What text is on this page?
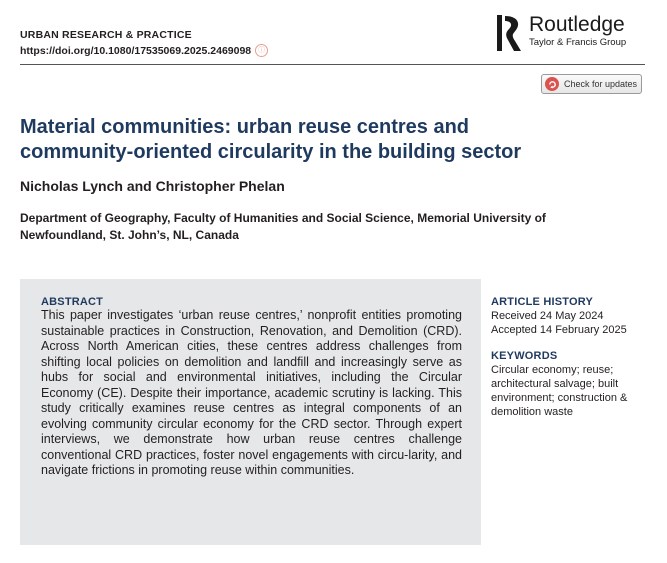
URBAN RESEARCH & PRACTICE
https://doi.org/10.1080/17535069.2025.2469098	ⓘ
Routledge
Taylor & Francis Group
Check for updates
Material communities: urban reuse centres and community-oriented circularity in the building sector
Nicholas Lynch and Christopher Phelan
Department of Geography, Faculty of Humanities and Social Science, Memorial University of Newfoundland, St. John’s, NL, Canada
ABSTRACT
This paper investigates ‘urban reuse centres,’ nonprofit entities promoting sustainable practices in Construction, Renovation, and Demolition (CRD). Across North American cities, these centres address challenges from shifting local policies on demolition and landfill and increasingly serve as hubs for social and environmental initiatives, including the Circular Economy (CE). Despite their importance, academic scrutiny is lacking. This study critically examines reuse centres as integral components of an evolving community circular economy for the CRD sector. Through expert interviews, we demonstrate how urban reuse centres challenge conventional CRD practices, foster novel engagements with circu-larity, and navigate frictions in promoting reuse within communities.
ARTICLE HISTORY
Received 24 May 2024
Accepted 14 February 2025
KEYWORDS
Circular economy; reuse; architectural salvage; built environment; construction & demolition waste
